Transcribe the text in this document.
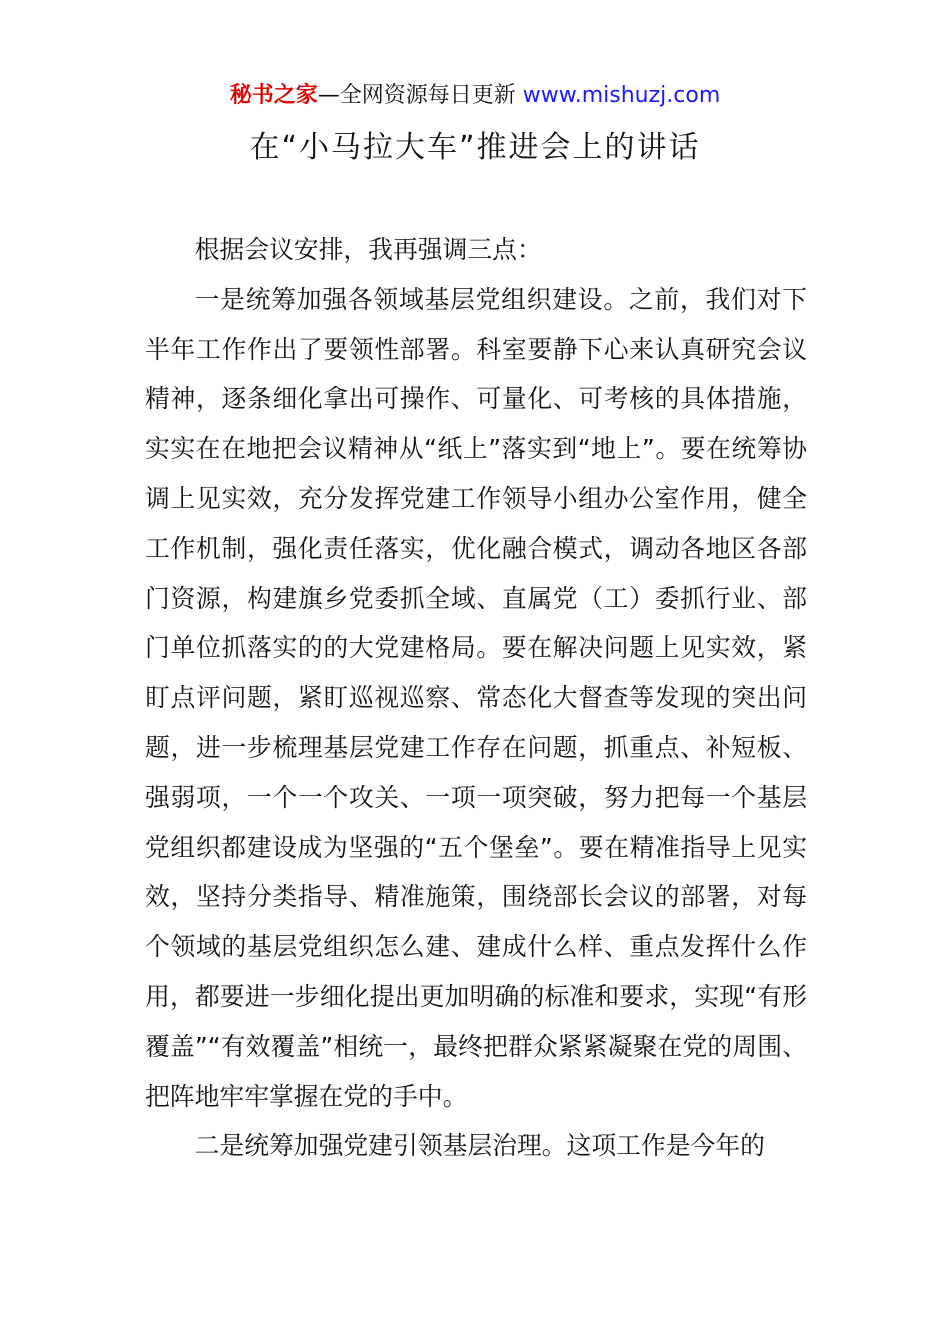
秘书之家—全网资源每日更新 www.mishuzj.com
在“小马拉大车”推进会上的讲话

根据会议安排，我再强调三点：

一是统筹加强各领域基层党组织建设。之前，我们对下半年工作作出了要领性部署。科室要静下心来认真研究会议精神，逐条细化拿出可操作、可量化、可考核的具体措施，实实在在地把会议精神从“纸上”落实到“地上”。要在统筹协调上见实效，充分发挥党建工作领导小组办公室作用，健全工作机制，强化责任落实，优化融合模式，调动各地区各部门资源，构建旗乡党委抓全域、直属党（工）委抓行业、部门单位抓落实的的大党建格局。要在解决问题上见实效，紧盯点评问题，紧盯巡视巡察、常态化大督查等发现的突出问题，进一步梳理基层党建工作存在问题，抓重点、补短板、强弱项，一个一个攻关、一项一项突破，努力把每一个基层党组织都建设成为坚强的“五个堡垒”。要在精准指导上见实效，坚持分类指导、精准施策，围绕部长会议的部署，对每个领域的基层党组织怎么建、建成什么样、重点发挥什么作用，都要进一步细化提出更加明确的标准和要求，实现“有形覆盖”“有效覆盖”相统一，最终把群众紧紧凝聚在党的周围、把阵地牢牢掌握在党的手中。

二是统筹加强党建引领基层治理。这项工作是今年的
